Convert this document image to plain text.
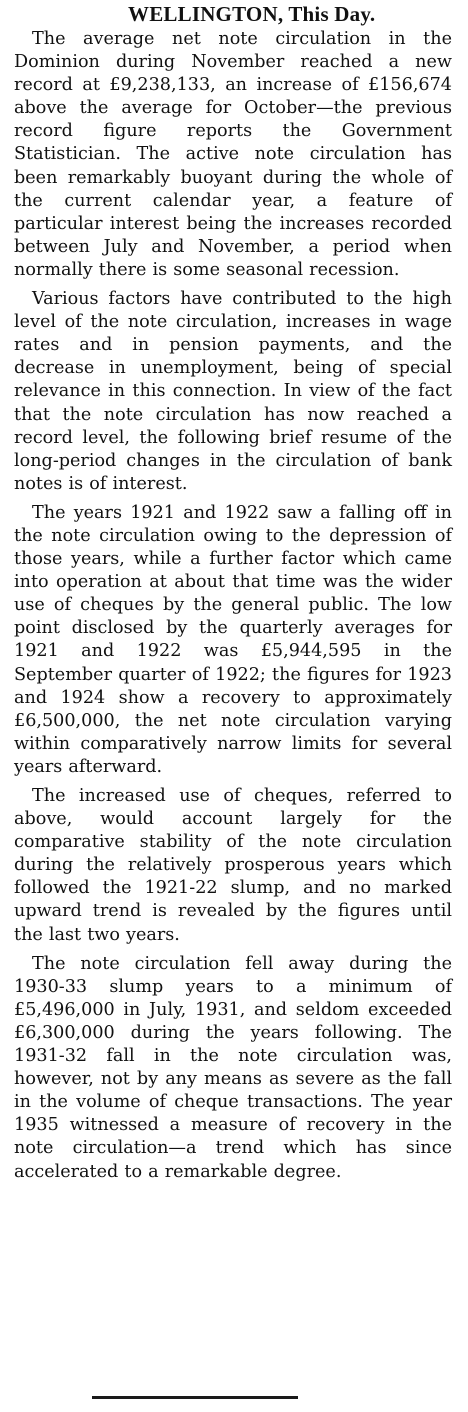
WELLINGTON, This Day.

The average net note circulation in the Dominion during November reached a new record at £9,238,133, an increase of £156,674 above the average for October—the previous record figure reports the Government Statistician. The active note circulation has been remarkably buoyant during the whole of the current calendar year, a feature of particular interest being the increases recorded between July and November, a period when normally there is some seasonal recession.

Various factors have contributed to the high level of the note circulation, increases in wage rates and in pension payments, and the decrease in unemployment, being of special relevance in this connection. In view of the fact that the note circulation has now reached a record level, the following brief resume of the long-period changes in the circulation of bank notes is of interest.

The years 1921 and 1922 saw a falling off in the note circulation owing to the depression of those years, while a further factor which came into operation at about that time was the wider use of cheques by the general public. The low point disclosed by the quarterly averages for 1921 and 1922 was £5,944,595 in the September quarter of 1922; the figures for 1923 and 1924 show a recovery to approximately £6,500,000, the net note circulation varying within comparatively narrow limits for several years afterward.

The increased use of cheques, referred to above, would account largely for the comparative stability of the note circulation during the relatively prosperous years which followed the 1921-22 slump, and no marked upward trend is revealed by the figures until the last two years.

The note circulation fell away during the 1930-33 slump years to a minimum of £5,496,000 in July, 1931, and seldom exceeded £6,300,000 during the years following. The 1931-32 fall in the note circulation was, however, not by any means as severe as the fall in the volume of cheque transactions. The year 1935 witnessed a measure of recovery in the note circulation—a trend which has since accelerated to a remarkable degree.
